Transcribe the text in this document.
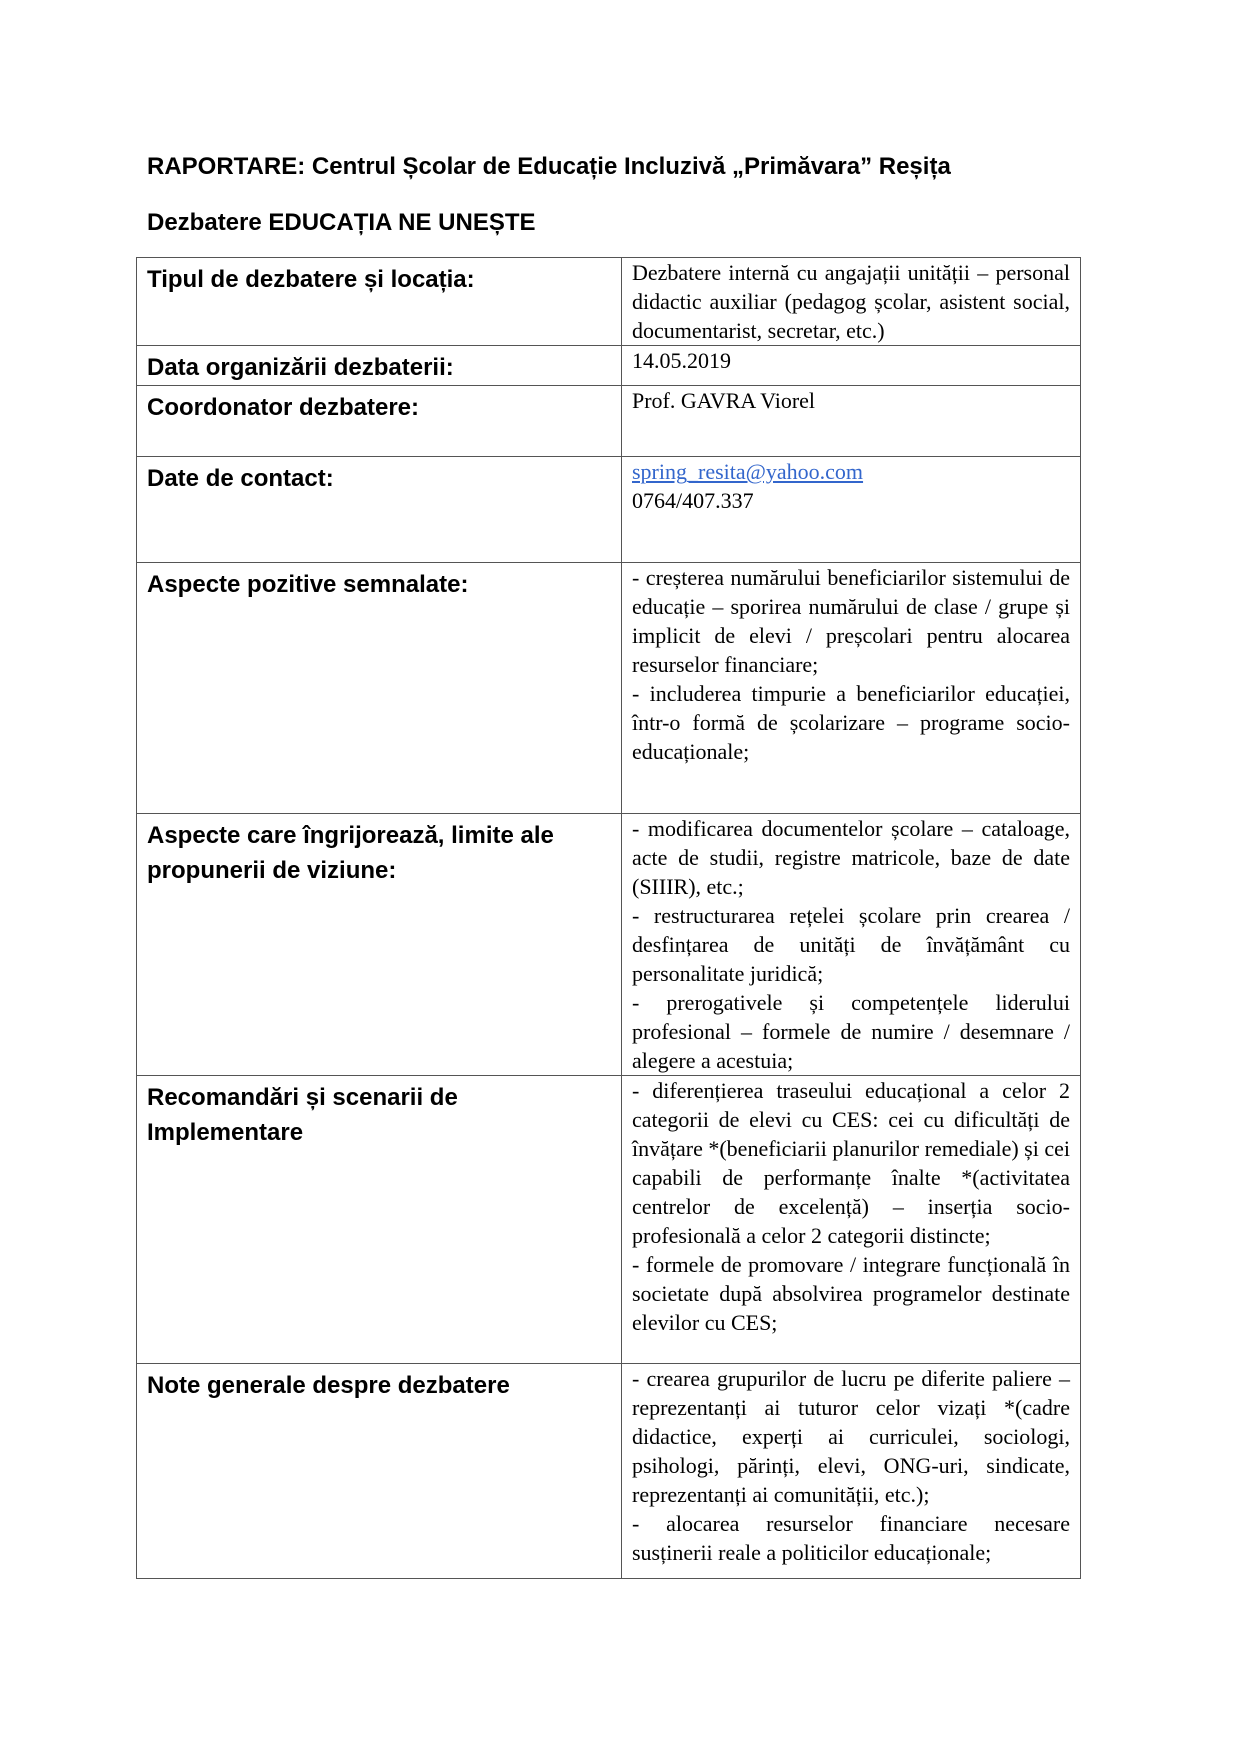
RAPORTARE: Centrul Școlar de Educație Incluzivă „Primăvara” Reșița
Dezbatere EDUCAȚIA NE UNEȘTE
Tipul de dezbatere și locația:	Dezbatere internă cu angajații unității – personal didactic auxiliar (pedagog școlar, asistent social, documentarist, secretar, etc.)

Data organizării dezbaterii:	14.05.2019

Coordonator dezbatere:	Prof. GAVRA Viorel

Date de contact:	spring_resita@yahoo.com
0764/407.337

Aspecte pozitive semnalate:	- creșterea numărului beneficiarilor sistemului de educație – sporirea numărului de clase / grupe și implicit de elevi / preșcolari pentru alocarea resurselor financiare;
- includerea timpurie a beneficiarilor educației, într-o formă de școlarizare – programe socio-educaționale;

Aspecte care îngrijorează, limite ale propunerii de viziune:	- modificarea documentelor școlare – cataloage, acte de studii, registre matricole, baze de date (SIIIR), etc.;
- restructurarea rețelei școlare prin crearea / desfințarea de unități de învățământ cu personalitate juridică;
- prerogativele și competențele liderului profesional – formele de numire / desemnare / alegere a acestuia;

Recomandări și scenarii de Implementare	- diferențierea traseului educațional a celor 2 categorii de elevi cu CES: cei cu dificultăți de învățare *(beneficiarii planurilor remediale) și cei capabili de performanțe înalte *(activitatea centrelor de excelență) – inserția socio-profesională a celor 2 categorii distincte;
- formele de promovare / integrare funcțională în societate după absolvirea programelor destinate elevilor cu CES;

Note generale despre dezbatere	- crearea grupurilor de lucru pe diferite paliere – reprezentanți ai tuturor celor vizați *(cadre didactice, experți ai curriculei, sociologi, psihologi, părinți, elevi, ONG-uri, sindicate, reprezentanți ai comunității, etc.);
- alocarea resurselor financiare necesare susținerii reale a politicilor educaționale;
